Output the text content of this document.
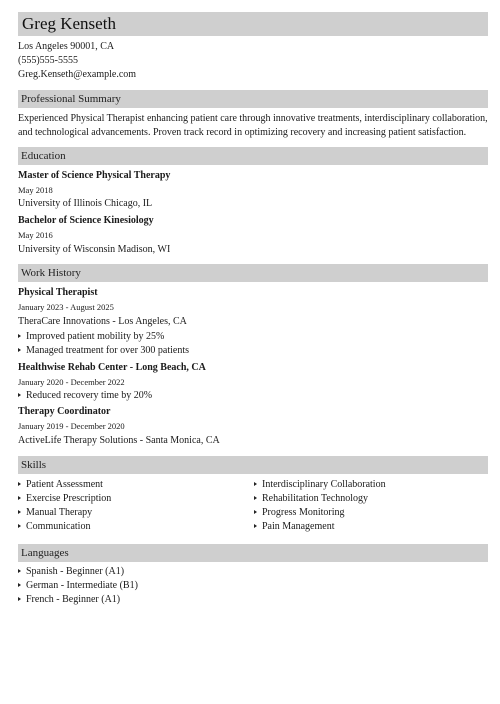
Greg Kenseth
Los Angeles 90001, CA
(555)555-5555
Greg.Kenseth@example.com
Professional Summary
Experienced Physical Therapist enhancing patient care through innovative treatments, interdisciplinary collaboration, and technological advancements. Proven track record in optimizing recovery and increasing patient satisfaction.
Education
Master of Science Physical Therapy
May 2018
University of Illinois Chicago, IL
Bachelor of Science Kinesiology
May 2016
University of Wisconsin Madison, WI
Work History
Physical Therapist
January 2023 - August 2025
TheraCare Innovations - Los Angeles, CA
Improved patient mobility by 25%
Managed treatment for over 300 patients
Healthwise Rehab Center - Long Beach, CA
January 2020 - December 2022
Reduced recovery time by 20%
Therapy Coordinator
January 2019 - December 2020
ActiveLife Therapy Solutions - Santa Monica, CA
Skills
Patient Assessment
Exercise Prescription
Manual Therapy
Communication
Interdisciplinary Collaboration
Rehabilitation Technology
Progress Monitoring
Pain Management
Languages
Spanish - Beginner (A1)
German - Intermediate (B1)
French - Beginner (A1)
